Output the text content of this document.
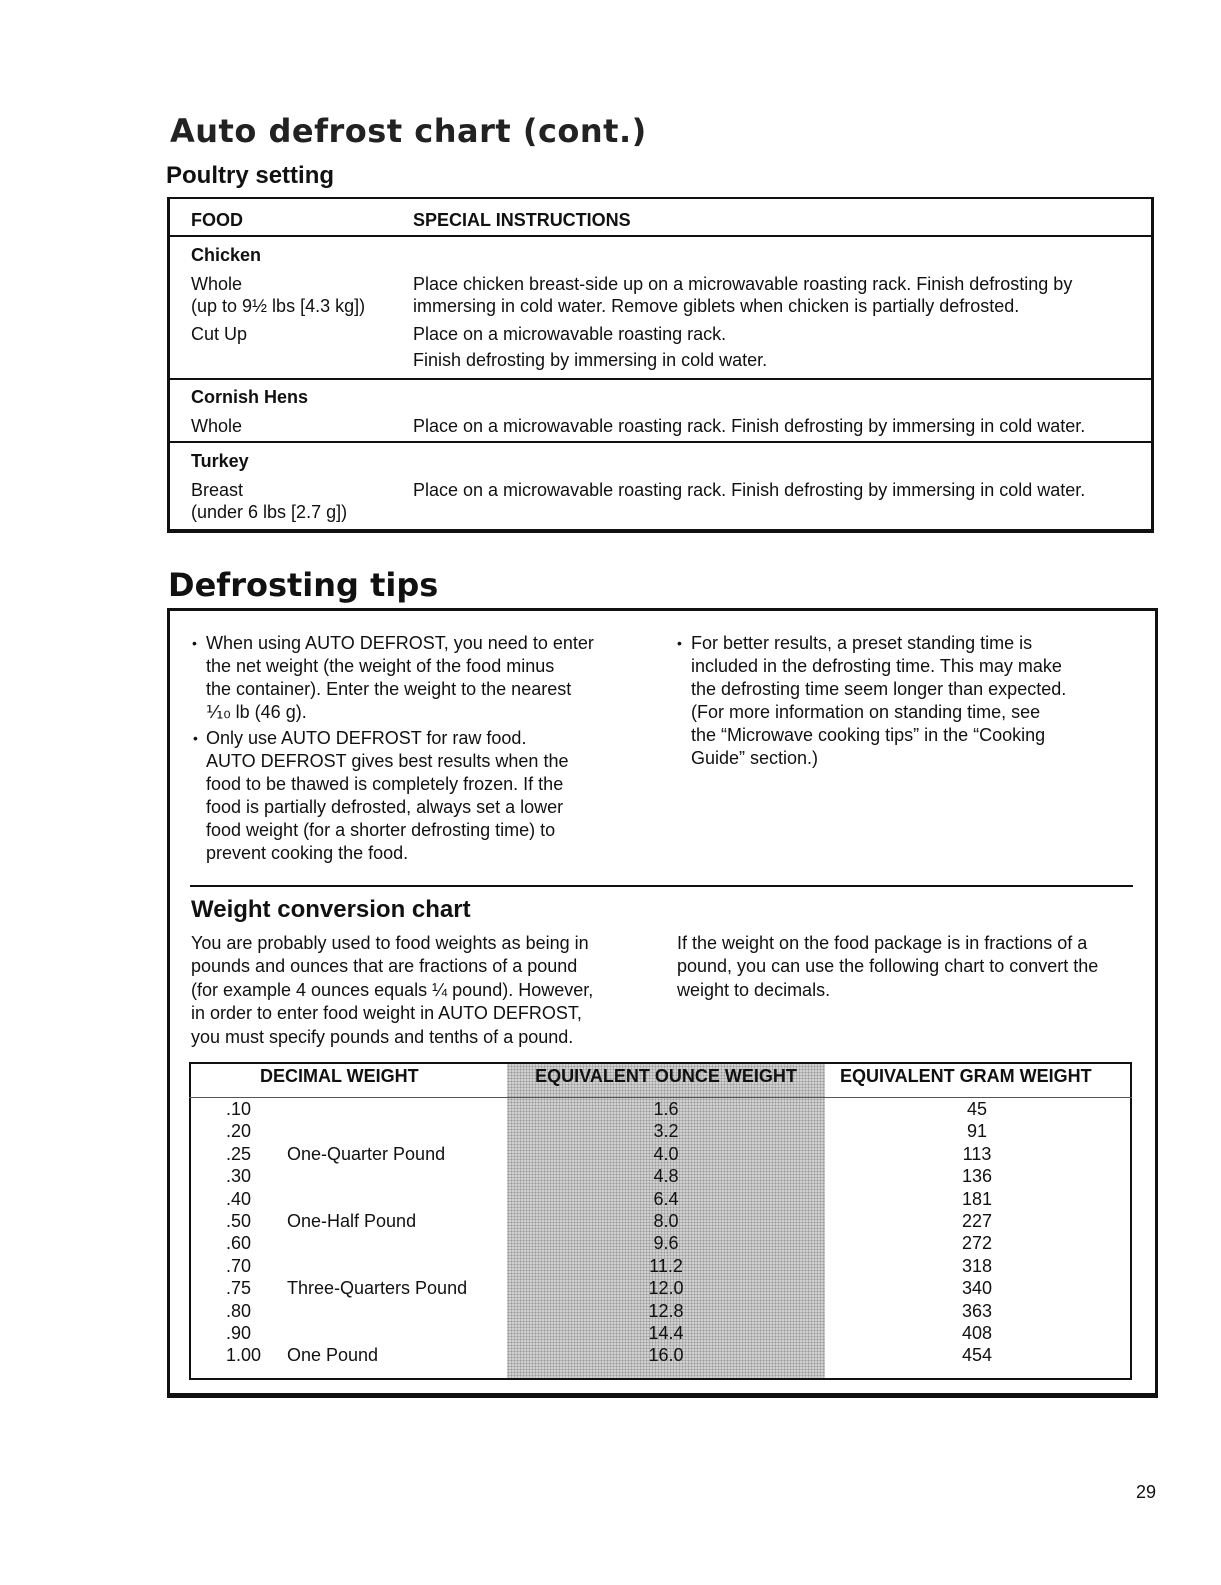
Auto defrost chart (cont.)
Poultry setting
FOOD	SPECIAL INSTRUCTIONS
Chicken
Whole	Place chicken breast-side up on a microwavable roasting rack. Finish defrosting by
(up to 9½ lbs [4.3 kg])	immersing in cold water. Remove giblets when chicken is partially defrosted.
Cut Up	Place on a microwavable roasting rack.
Finish defrosting by immersing in cold water.
Cornish Hens
Whole	Place on a microwavable roasting rack. Finish defrosting by immersing in cold water.
Turkey
Breast	Place on a microwavable roasting rack. Finish defrosting by immersing in cold water.
(under 6 lbs [2.7 g])
Defrosting tips
• When using AUTO DEFROST, you need to enter
the net weight (the weight of the food minus
the container). Enter the weight to the nearest
⅒ lb (46 g).
• Only use AUTO DEFROST for raw food.
AUTO DEFROST gives best results when the
food to be thawed is completely frozen. If the
food is partially defrosted, always set a lower
food weight (for a shorter defrosting time) to
prevent cooking the food.
• For better results, a preset standing time is
included in the defrosting time. This may make
the defrosting time seem longer than expected.
(For more information on standing time, see
the “Microwave cooking tips” in the “Cooking
Guide” section.)
Weight conversion chart
You are probably used to food weights as being in
pounds and ounces that are fractions of a pound
(for example 4 ounces equals ¼ pound). However,
in order to enter food weight in AUTO DEFROST,
you must specify pounds and tenths of a pound.
If the weight on the food package is in fractions of a
pound, you can use the following chart to convert the
weight to decimals.
DECIMAL WEIGHT	EQUIVALENT OUNCE WEIGHT	EQUIVALENT GRAM WEIGHT
.10	1.6	45
.20	3.2	91
.25 One-Quarter Pound	4.0	113
.30	4.8	136
.40	6.4	181
.50 One-Half Pound	8.0	227
.60	9.6	272
.70	11.2	318
.75 Three-Quarters Pound	12.0	340
.80	12.8	363
.90	14.4	408
1.00 One Pound	16.0	454
29
